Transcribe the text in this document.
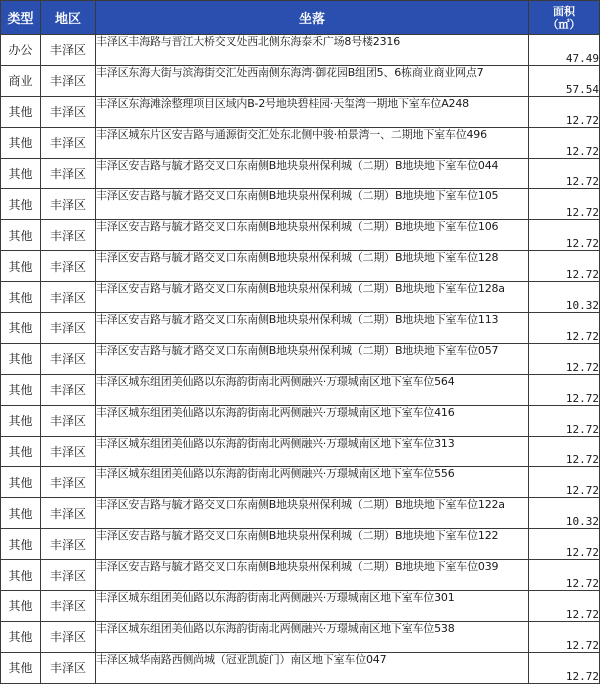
类型	地区	坐落	面积
（㎡）

办公	丰泽区	丰泽区丰海路与晋江大桥交叉处西北侧东海泰禾广场8号楼2316	47.49
商业	丰泽区	丰泽区东海大街与滨海街交汇处西南侧东海湾·御花园B组团5、6栋商业商业网点7	57.54
其他	丰泽区	丰泽区东海滩涂整理项目区域内B-2号地块碧桂园·天玺湾一期地下室车位A248	12.72
其他	丰泽区	丰泽区城东片区安吉路与通源街交汇处东北侧中骏·柏景湾一、二期地下室车位496	12.72
其他	丰泽区	丰泽区安吉路与毓才路交叉口东南侧B地块泉州保利城（二期）B地块地下室车位044	12.72
其他	丰泽区	丰泽区安吉路与毓才路交叉口东南侧B地块泉州保利城（二期）B地块地下室车位105	12.72
其他	丰泽区	丰泽区安吉路与毓才路交叉口东南侧B地块泉州保利城（二期）B地块地下室车位106	12.72
其他	丰泽区	丰泽区安吉路与毓才路交叉口东南侧B地块泉州保利城（二期）B地块地下室车位128	12.72
其他	丰泽区	丰泽区安吉路与毓才路交叉口东南侧B地块泉州保利城（二期）B地块地下室车位128a	10.32
其他	丰泽区	丰泽区安吉路与毓才路交叉口东南侧B地块泉州保利城（二期）B地块地下室车位113	12.72
其他	丰泽区	丰泽区安吉路与毓才路交叉口东南侧B地块泉州保利城（二期）B地块地下室车位057	12.72
其他	丰泽区	丰泽区城东组团美仙路以东海韵街南北两侧融兴·万璟城南区地下室车位564	12.72
其他	丰泽区	丰泽区城东组团美仙路以东海韵街南北两侧融兴·万璟城南区地下室车位416	12.72
其他	丰泽区	丰泽区城东组团美仙路以东海韵街南北两侧融兴·万璟城南区地下室车位313	12.72
其他	丰泽区	丰泽区城东组团美仙路以东海韵街南北两侧融兴·万璟城南区地下室车位556	12.72
其他	丰泽区	丰泽区安吉路与毓才路交叉口东南侧B地块泉州保利城（二期）B地块地下室车位122a	10.32
其他	丰泽区	丰泽区安吉路与毓才路交叉口东南侧B地块泉州保利城（二期）B地块地下室车位122	12.72
其他	丰泽区	丰泽区安吉路与毓才路交叉口东南侧B地块泉州保利城（二期）B地块地下室车位039	12.72
其他	丰泽区	丰泽区城东组团美仙路以东海韵街南北两侧融兴·万璟城南区地下室车位301	12.72
其他	丰泽区	丰泽区城东组团美仙路以东海韵街南北两侧融兴·万璟城南区地下室车位538	12.72
其他	丰泽区	丰泽区城华南路西侧尚城（冠亚凯旋门）南区地下室车位047	12.72
